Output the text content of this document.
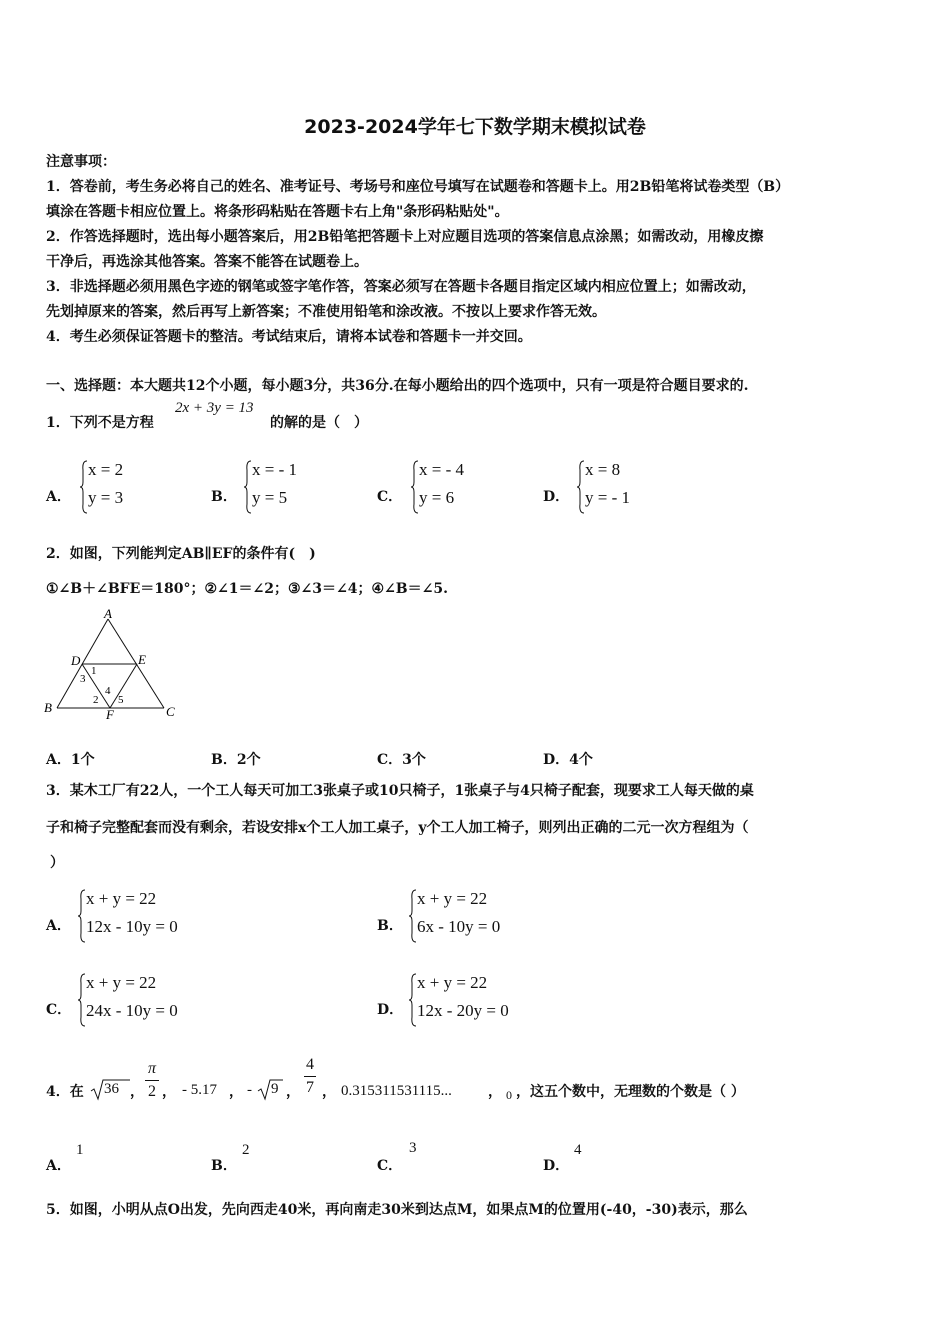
2023-2024学年七下数学期末模拟试卷
注意事项：
1．答卷前，考生务必将自己的姓名、准考证号、考场号和座位号填写在试题卷和答题卡上。用2B铅笔将试卷类型（B）
填涂在答题卡相应位置上。将条形码粘贴在答题卡右上角"条形码粘贴处"。
2．作答选择题时，选出每小题答案后，用2B铅笔把答题卡上对应题目选项的答案信息点涂黑；如需改动，用橡皮擦
干净后，再选涂其他答案。答案不能答在试题卷上。
3．非选择题必须用黑色字迹的钢笔或签字笔作答，答案必须写在答题卡各题目指定区域内相应位置上；如需改动，
先划掉原来的答案，然后再写上新答案；不准使用铅笔和涂改液。不按以上要求作答无效。
4．考生必须保证答题卡的整洁。考试结束后，请将本试卷和答题卡一并交回。
一、选择题：本大题共12个小题，每小题3分，共36分.在每小题给出的四个选项中，只有一项是符合题目要求的.
1．下列不是方程
2x + 3y = 13
的解的是（　）
A．
x = 2
y = 3	B．
x = - 1
y = 5	C．
x = - 4
y = 6	D．
x = 8
y = - 1
2．如图，下列能判定AB∥EF的条件有(　)
①∠B＋∠BFE＝180°；②∠1＝∠2；③∠3＝∠4；④∠B＝∠5.
A
B	C
D	E
F
1
3
2
4
5
A．1个	B．2个	C．3个	D．4个
3．某木工厂有22人，一个工人每天可加工3张桌子或10只椅子，1张桌子与4只椅子配套，现要求工人每天做的桌
子和椅子完整配套而没有剩余，若设安排x个工人加工桌子，y个工人加工椅子，则列出正确的二元一次方程组为（
）
A．
x + y = 22
12x - 10y = 0	B．
x + y = 22
6x - 10y = 0
C．
x + y = 22
24x - 10y = 0	D．
x + y = 22
12x - 20y = 0
4．在 36 ，
π
2 ， - 5.17 ， - 9 ，
4
7 ， 0.315311531115...	， 0 ，这五个数中，无理数的个数是（ ）
A．
1
B．
2
C．
3
D．
4
5．如图，小明从点O出发，先向西走40米，再向南走30米到达点M，如果点M的位置用(-40，-30)表示，那么
